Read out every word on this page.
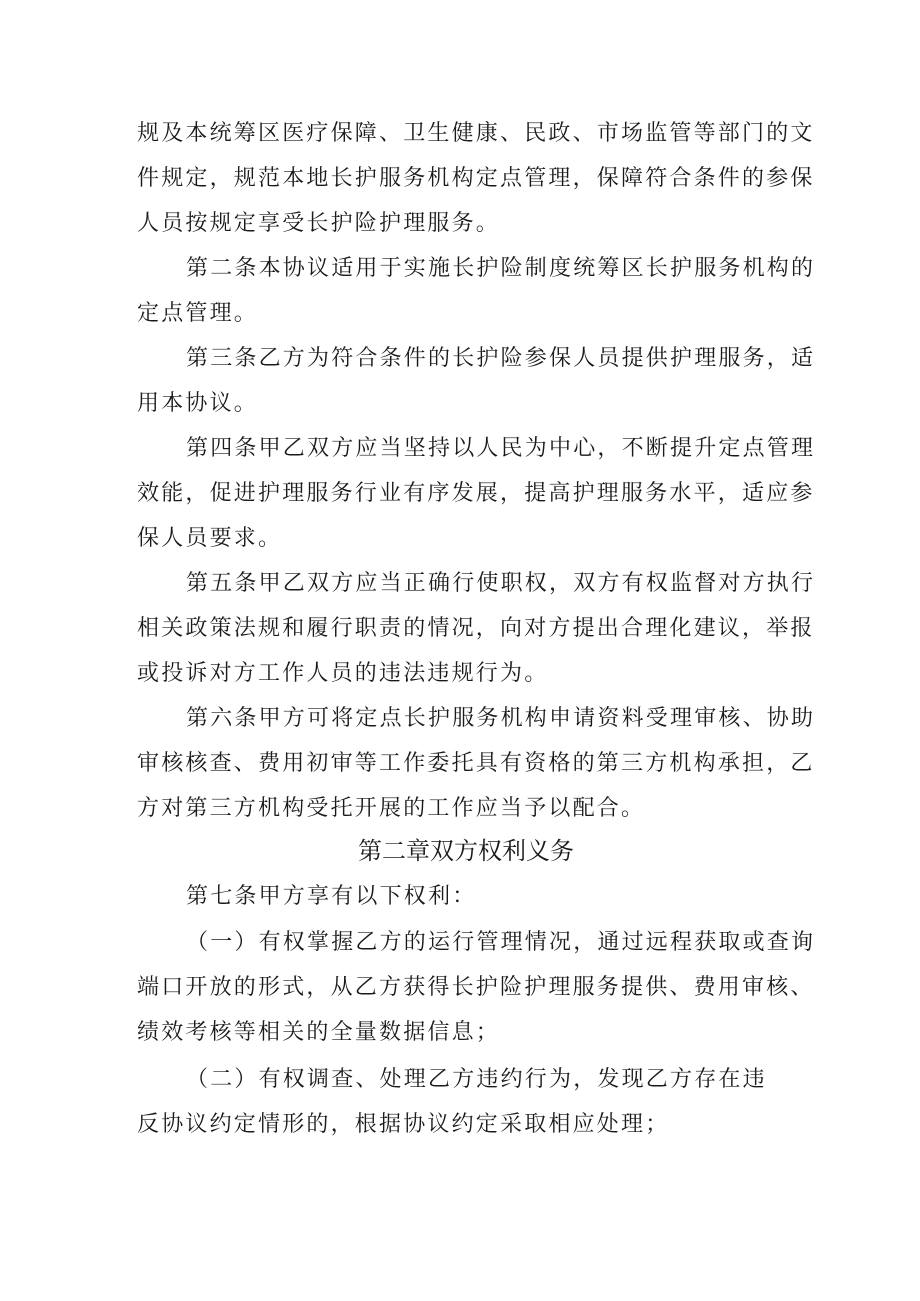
规及本统筹区医疗保障、卫生健康、民政、市场监管等部门的文
件规定，规范本地长护服务机构定点管理，保障符合条件的参保
人员按规定享受长护险护理服务。
第二条本协议适用于实施长护险制度统筹区长护服务机构的
定点管理。
第三条乙方为符合条件的长护险参保人员提供护理服务，适
用本协议。
第四条甲乙双方应当坚持以人民为中心，不断提升定点管理
效能，促进护理服务行业有序发展，提高护理服务水平，适应参
保人员要求。
第五条甲乙双方应当正确行使职权，双方有权监督对方执行
相关政策法规和履行职责的情况，向对方提出合理化建议，举报
或投诉对方工作人员的违法违规行为。
第六条甲方可将定点长护服务机构申请资料受理审核、协助
审核核查、费用初审等工作委托具有资格的第三方机构承担，乙
方对第三方机构受托开展的工作应当予以配合。
第二章双方权利义务
第七条甲方享有以下权利：
（一）有权掌握乙方的运行管理情况，通过远程获取或查询
端口开放的形式，从乙方获得长护险护理服务提供、费用审核、
绩效考核等相关的全量数据信息；
（二）有权调查、处理乙方违约行为，发现乙方存在违
反协议约定情形的，根据协议约定采取相应处理；
